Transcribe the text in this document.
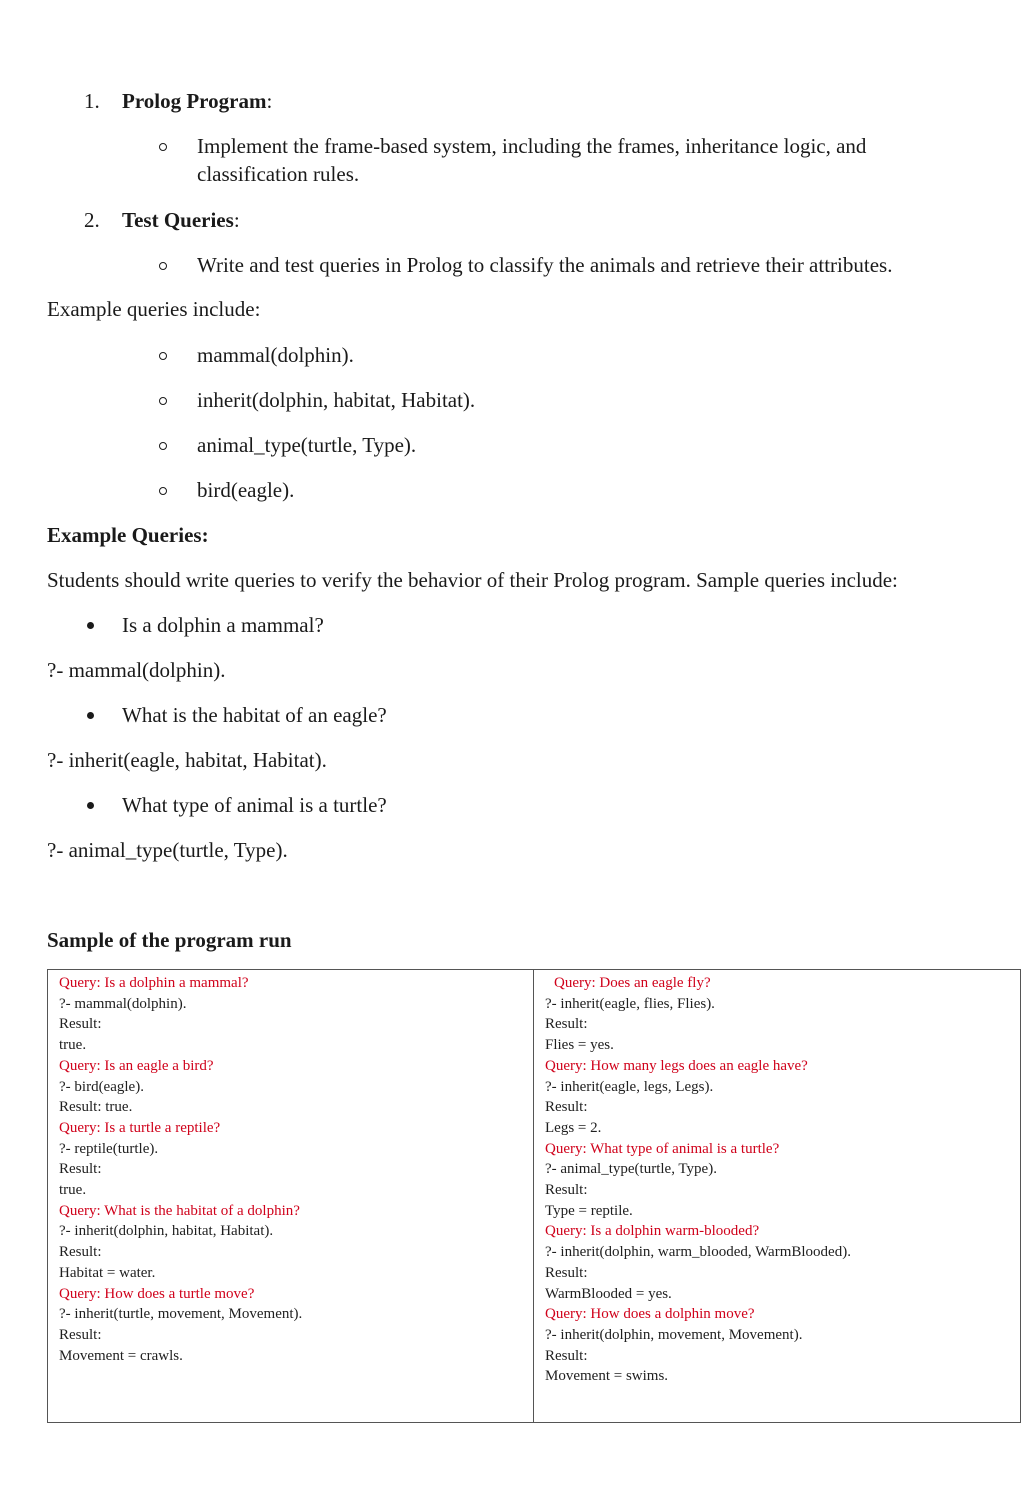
1. Prolog Program:
Implement the frame-based system, including the frames, inheritance logic, and
classification rules.
2. Test Queries:
Write and test queries in Prolog to classify the animals and retrieve their attributes.
Example queries include:
mammal(dolphin).
inherit(dolphin, habitat, Habitat).
animal_type(turtle, Type).
bird(eagle).
Example Queries:
Students should write queries to verify the behavior of their Prolog program. Sample queries include:
Is a dolphin a mammal?
?- mammal(dolphin).
What is the habitat of an eagle?
?- inherit(eagle, habitat, Habitat).
What type of animal is a turtle?
?- animal_type(turtle, Type).
Sample of the program run
Query: Is a dolphin a mammal?
?- mammal(dolphin).
Result:
true.
Query: Is an eagle a bird?
?- bird(eagle).
Result: true.
Query: Is a turtle a reptile?
?- reptile(turtle).
Result:
true.
Query: What is the habitat of a dolphin?
?- inherit(dolphin, habitat, Habitat).
Result:
Habitat = water.
Query: How does a turtle move?
?- inherit(turtle, movement, Movement).
Result:
Movement = crawls.
Query: Does an eagle fly?
?- inherit(eagle, flies, Flies).
Result:
Flies = yes.
Query: How many legs does an eagle have?
?- inherit(eagle, legs, Legs).
Result:
Legs = 2.
Query: What type of animal is a turtle?
?- animal_type(turtle, Type).
Result:
Type = reptile.
Query: Is a dolphin warm-blooded?
?- inherit(dolphin, warm_blooded, WarmBlooded).
Result:
WarmBlooded = yes.
Query: How does a dolphin move?
?- inherit(dolphin, movement, Movement).
Result:
Movement = swims.
